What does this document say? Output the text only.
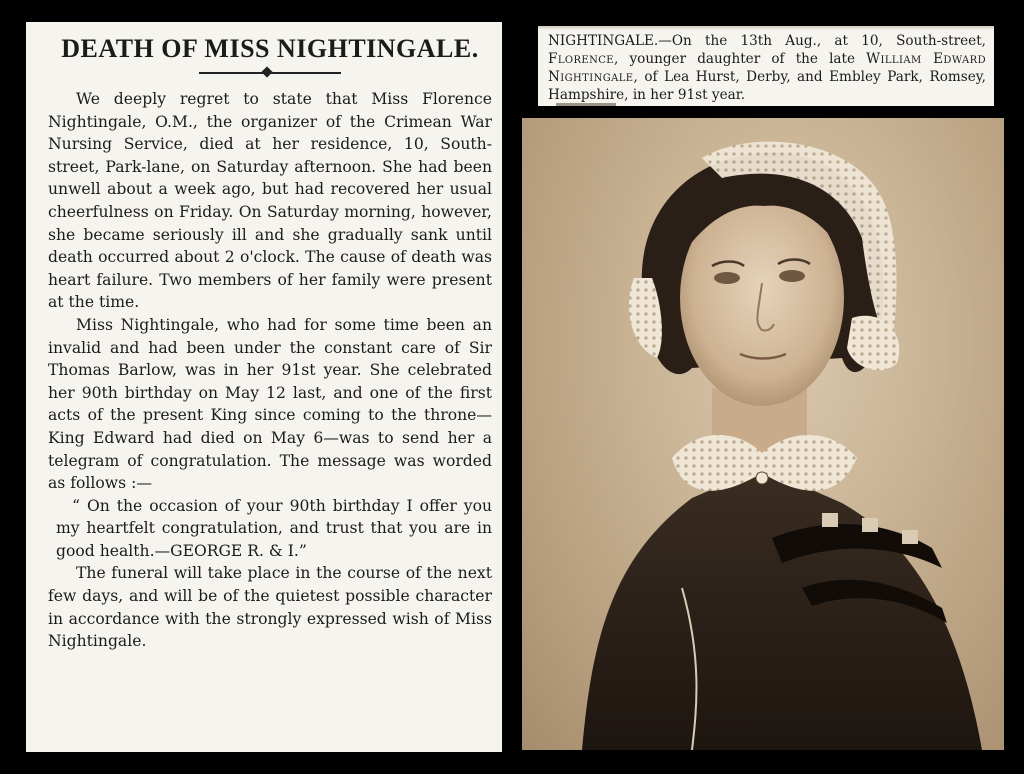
DEATH OF MISS NIGHTINGALE.

We deeply regret to state that Miss Florence Nightingale, O.M., the organizer of the Crimean War Nursing Service, died at her residence, 10, South-street, Park-lane, on Saturday afternoon. She had been unwell about a week ago, but had recovered her usual cheerfulness on Friday. On Saturday morning, however, she became seriously ill and she gradually sank until death occurred about 2 o'clock. The cause of death was heart failure. Two members of her family were present at the time.

Miss Nightingale, who had for some time been an invalid and had been under the constant care of Sir Thomas Barlow, was in her 91st year. She celebrated her 90th birthday on May 12 last, and one of the first acts of the present King since coming to the throne—King Edward had died on May 6—was to send her a telegram of congratulation. The message was worded as follows :—

“ On the occasion of your 90th birthday I offer you my heartfelt congratulation, and trust that you are in good health.—GEORGE R. & I.”

The funeral will take place in the course of the next few days, and will be of the quietest possible character in accordance with the strongly expressed wish of Miss Nightingale.

NIGHTINGALE.—On the 13th Aug., at 10, South-street, Florence, younger daughter of the late William Edward Nightingale, of Lea Hurst, Derby, and Embley Park, Romsey, Hampshire, in her 91st year.
